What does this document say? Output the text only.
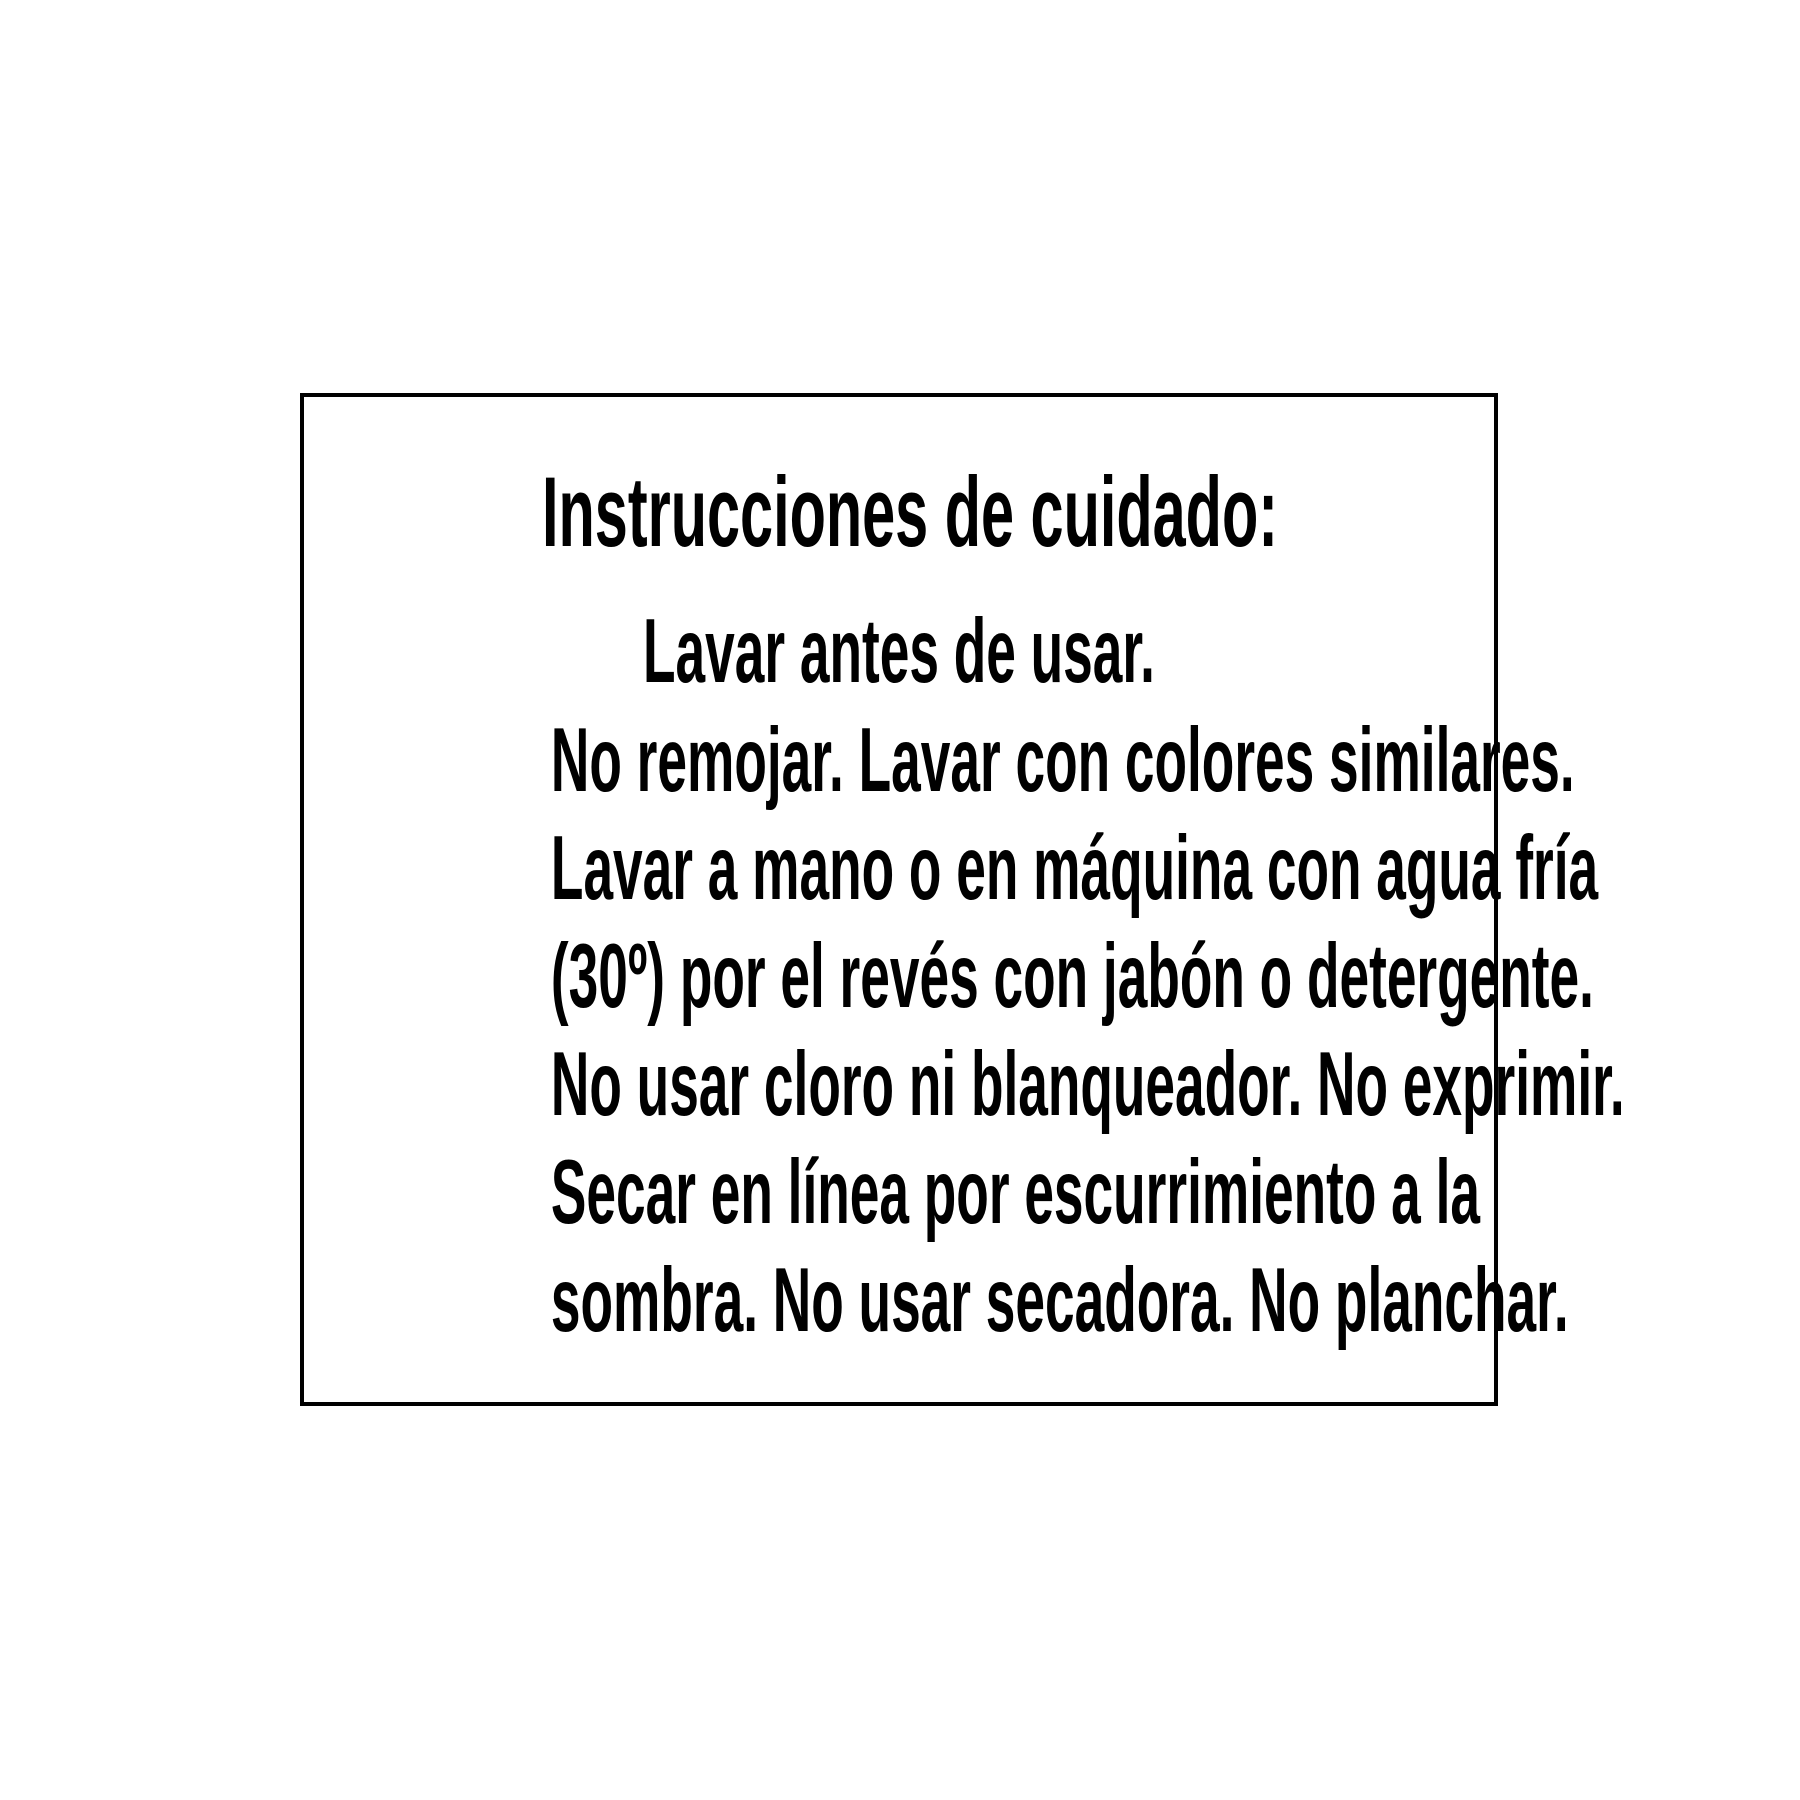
Instrucciones de cuidado:
Lavar antes de usar.
No remojar. Lavar con colores similares.
Lavar a mano o en máquina con agua fría
(30º) por el revés con jabón o detergente.
No usar cloro ni blanqueador. No exprimir.
Secar en línea por escurrimiento a la
sombra. No usar secadora. No planchar.
